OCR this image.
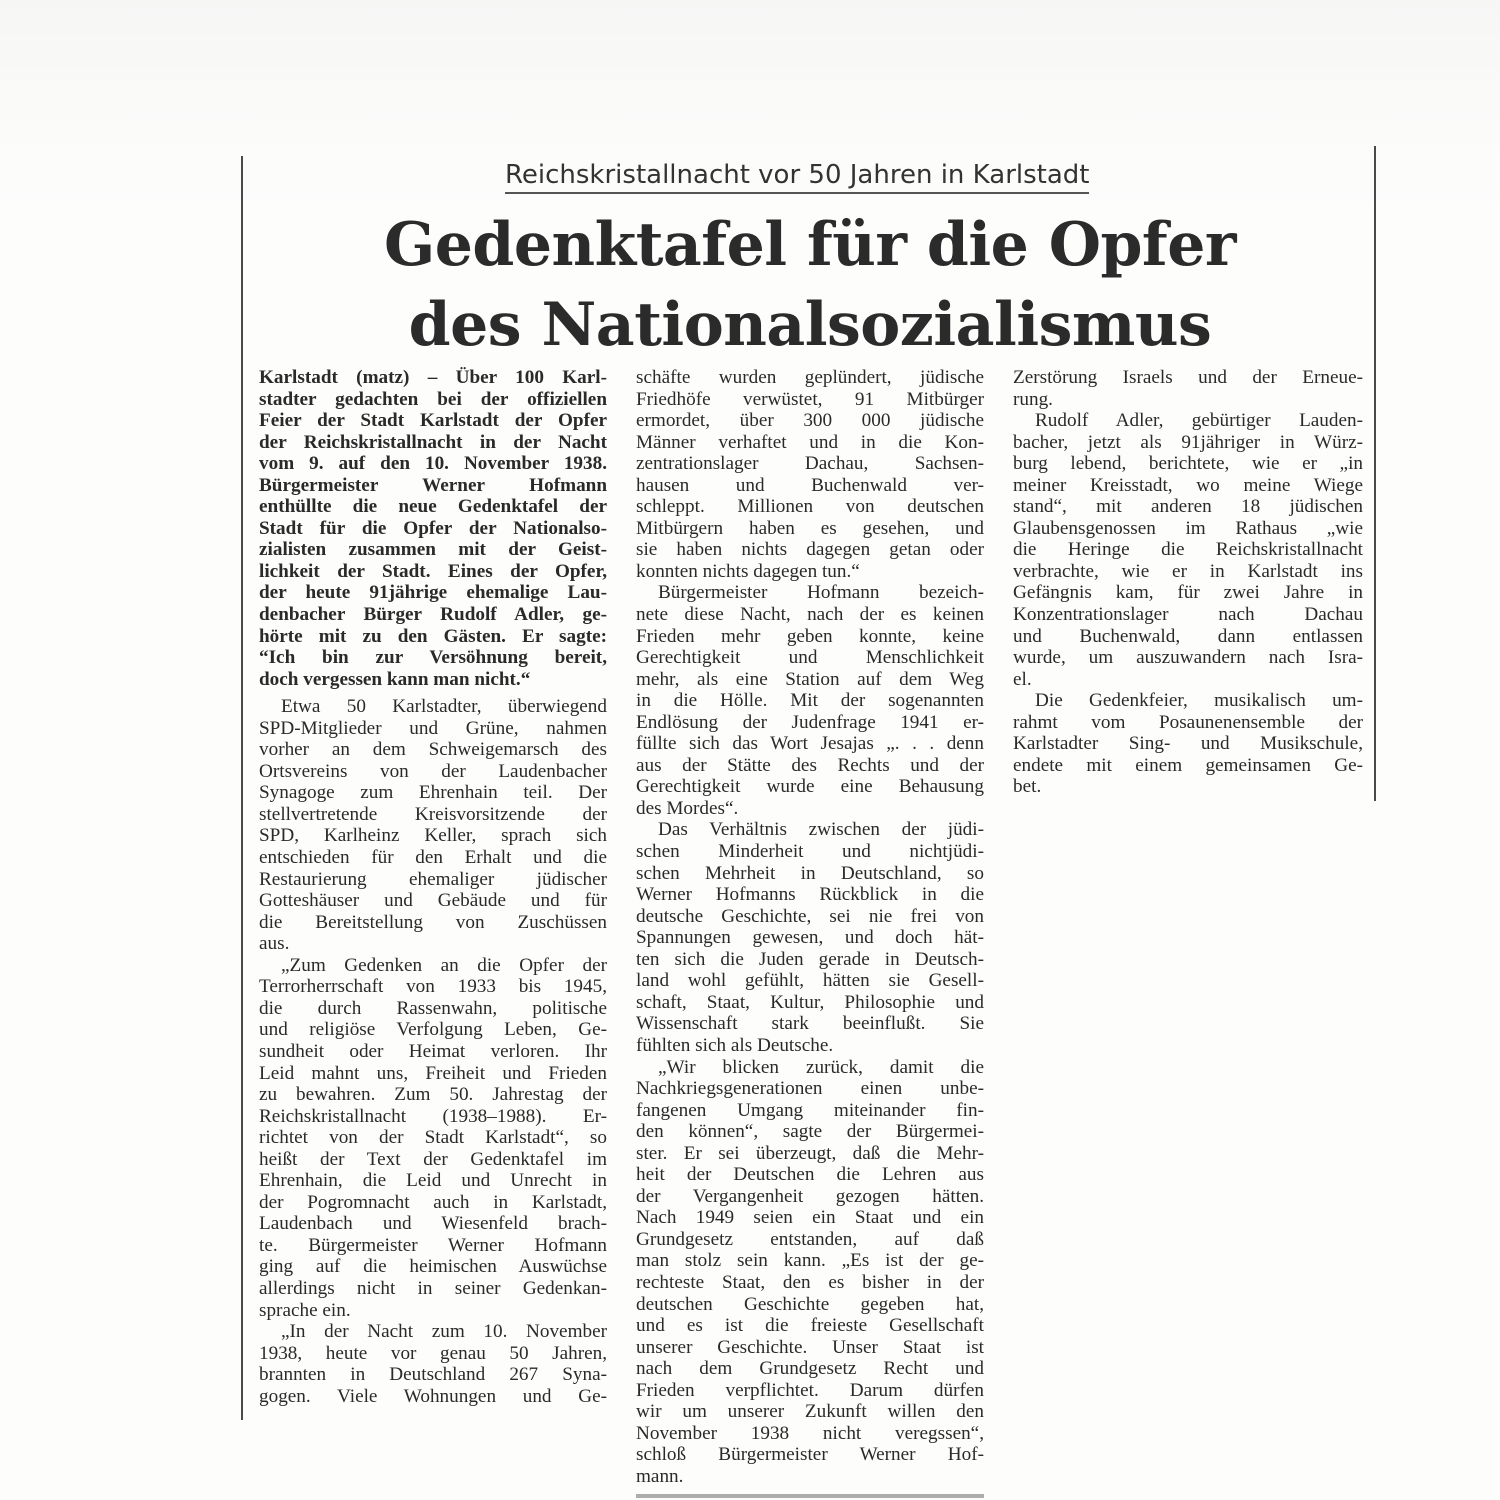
Reichskristallnacht vor 50 Jahren in Karlstadt
Gedenktafel für die Opfer
des Nationalsozialismus
Karlstadt (matz) – Über 100 Karl-
stadter gedachten bei der offiziellen
Feier der Stadt Karlstadt der Opfer
der Reichskristallnacht in der Nacht
vom 9. auf den 10. November 1938.
Bürgermeister Werner Hofmann
enthüllte die neue Gedenktafel der
Stadt für die Opfer der Nationalso-
zialisten zusammen mit der Geist-
lichkeit der Stadt. Eines der Opfer,
der heute 91jährige ehemalige Lau-
denbacher Bürger Rudolf Adler, ge-
hörte mit zu den Gästen. Er sagte:
“Ich bin zur Versöhnung bereit,
doch vergessen kann man nicht.“
Etwa 50 Karlstadter, überwiegend
SPD-Mitglieder und Grüne, nahmen
vorher an dem Schweigemarsch des
Ortsvereins von der Laudenbacher
Synagoge zum Ehrenhain teil. Der
stellvertretende Kreisvorsitzende der
SPD, Karlheinz Keller, sprach sich
entschieden für den Erhalt und die
Restaurierung ehemaliger jüdischer
Gotteshäuser und Gebäude und für
die Bereitstellung von Zuschüssen
aus.
„Zum Gedenken an die Opfer der
Terrorherrschaft von 1933 bis 1945,
die durch Rassenwahn, politische
und religiöse Verfolgung Leben, Ge-
sundheit oder Heimat verloren. Ihr
Leid mahnt uns, Freiheit und Frieden
zu bewahren. Zum 50. Jahrestag der
Reichskristallnacht (1938–1988). Er-
richtet von der Stadt Karlstadt“, so
heißt der Text der Gedenktafel im
Ehrenhain, die Leid und Unrecht in
der Pogromnacht auch in Karlstadt,
Laudenbach und Wiesenfeld brach-
te. Bürgermeister Werner Hofmann
ging auf die heimischen Auswüchse
allerdings nicht in seiner Gedenkan-
sprache ein.
„In der Nacht zum 10. November
1938, heute vor genau 50 Jahren,
brannten in Deutschland 267 Syna-
gogen. Viele Wohnungen und Ge-
schäfte wurden geplündert, jüdische
Friedhöfe verwüstet, 91 Mitbürger
ermordet, über 300 000 jüdische
Männer verhaftet und in die Kon-
zentrationslager Dachau, Sachsen-
hausen und Buchenwald ver-
schleppt. Millionen von deutschen
Mitbürgern haben es gesehen, und
sie haben nichts dagegen getan oder
konnten nichts dagegen tun.“
Bürgermeister Hofmann bezeich-
nete diese Nacht, nach der es keinen
Frieden mehr geben konnte, keine
Gerechtigkeit und Menschlichkeit
mehr, als eine Station auf dem Weg
in die Hölle. Mit der sogenannten
Endlösung der Judenfrage 1941 er-
füllte sich das Wort Jesajas „. . . denn
aus der Stätte des Rechts und der
Gerechtigkeit wurde eine Behausung
des Mordes“.
Das Verhältnis zwischen der jüdi-
schen Minderheit und nichtjüdi-
schen Mehrheit in Deutschland, so
Werner Hofmanns Rückblick in die
deutsche Geschichte, sei nie frei von
Spannungen gewesen, und doch hät-
ten sich die Juden gerade in Deutsch-
land wohl gefühlt, hätten sie Gesell-
schaft, Staat, Kultur, Philosophie und
Wissenschaft stark beeinflußt. Sie
fühlten sich als Deutsche.
„Wir blicken zurück, damit die
Nachkriegsgenerationen einen unbe-
fangenen Umgang miteinander fin-
den können“, sagte der Bürgermei-
ster. Er sei überzeugt, daß die Mehr-
heit der Deutschen die Lehren aus
der Vergangenheit gezogen hätten.
Nach 1949 seien ein Staat und ein
Grundgesetz entstanden, auf daß
man stolz sein kann. „Es ist der ge-
rechteste Staat, den es bisher in der
deutschen Geschichte gegeben hat,
und es ist die freieste Gesellschaft
unserer Geschichte. Unser Staat ist
nach dem Grundgesetz Recht und
Frieden verpflichtet. Darum dürfen
wir um unserer Zukunft willen den
November 1938 nicht veregssen“,
schloß Bürgermeister Werner Hof-
mann.
Zerstörung Israels und der Erneue-
rung.
Rudolf Adler, gebürtiger Lauden-
bacher, jetzt als 91jähriger in Würz-
burg lebend, berichtete, wie er „in
meiner Kreisstadt, wo meine Wiege
stand“, mit anderen 18 jüdischen
Glaubensgenossen im Rathaus „wie
die Heringe die Reichskristallnacht
verbrachte, wie er in Karlstadt ins
Gefängnis kam, für zwei Jahre in
Konzentrationslager nach Dachau
und Buchenwald, dann entlassen
wurde, um auszuwandern nach Isra-
el.
Die Gedenkfeier, musikalisch um-
rahmt vom Posaunenensemble der
Karlstadter Sing- und Musikschule,
endete mit einem gemeinsamen Ge-
bet.
